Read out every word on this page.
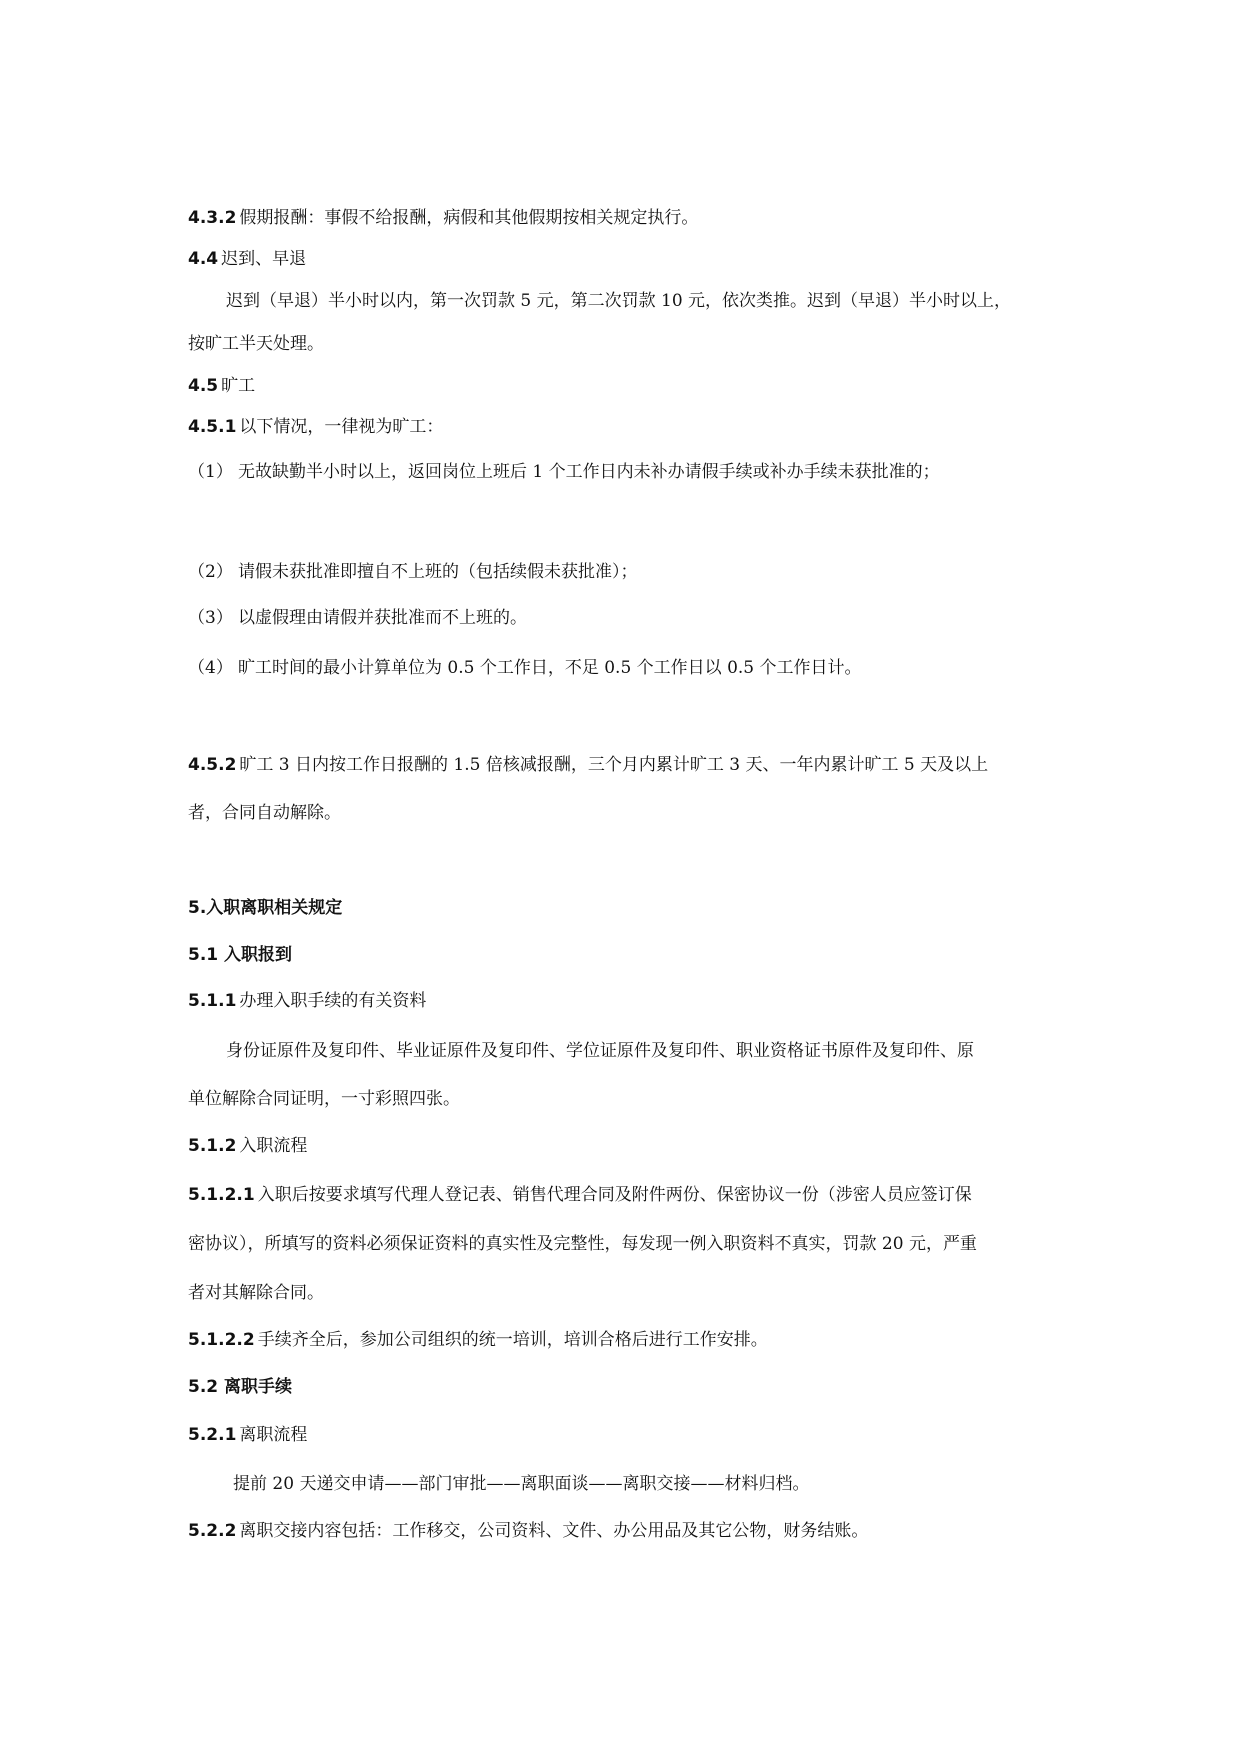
4.3.2 假期报酬：事假不给报酬，病假和其他假期按相关规定执行。
4.4 迟到、早退
迟到（早退）半小时以内，第一次罚款 5 元，第二次罚款 10 元，依次类推。迟到（早退）半小时以上，
按旷工半天处理。
4.5 旷工
4.5.1 以下情况，一律视为旷工：
（1） 无故缺勤半小时以上，返回岗位上班后 1 个工作日内未补办请假手续或补办手续未获批准的；
（2） 请假未获批准即擅自不上班的（包括续假未获批准）；
（3） 以虚假理由请假并获批准而不上班的。
（4） 旷工时间的最小计算单位为 0.5 个工作日，不足 0.5 个工作日以 0.5 个工作日计。
4.5.2 旷工 3 日内按工作日报酬的 1.5 倍核减报酬，三个月内累计旷工 3 天、一年内累计旷工 5 天及以上
者，合同自动解除。
5.入职离职相关规定
5.1 入职报到
5.1.1 办理入职手续的有关资料
身份证原件及复印件、毕业证原件及复印件、学位证原件及复印件、职业资格证书原件及复印件、原
单位解除合同证明，一寸彩照四张。
5.1.2 入职流程
5.1.2.1 入职后按要求填写代理人登记表、销售代理合同及附件两份、保密协议一份（涉密人员应签订保
密协议），所填写的资料必须保证资料的真实性及完整性，每发现一例入职资料不真实，罚款 20 元，严重
者对其解除合同。
5.1.2.2 手续齐全后，参加公司组织的统一培训，培训合格后进行工作安排。
5.2 离职手续
5.2.1 离职流程
提前 20 天递交申请——部门审批——离职面谈——离职交接——材料归档。
5.2.2 离职交接内容包括：工作移交，公司资料、文件、办公用品及其它公物，财务结账。
